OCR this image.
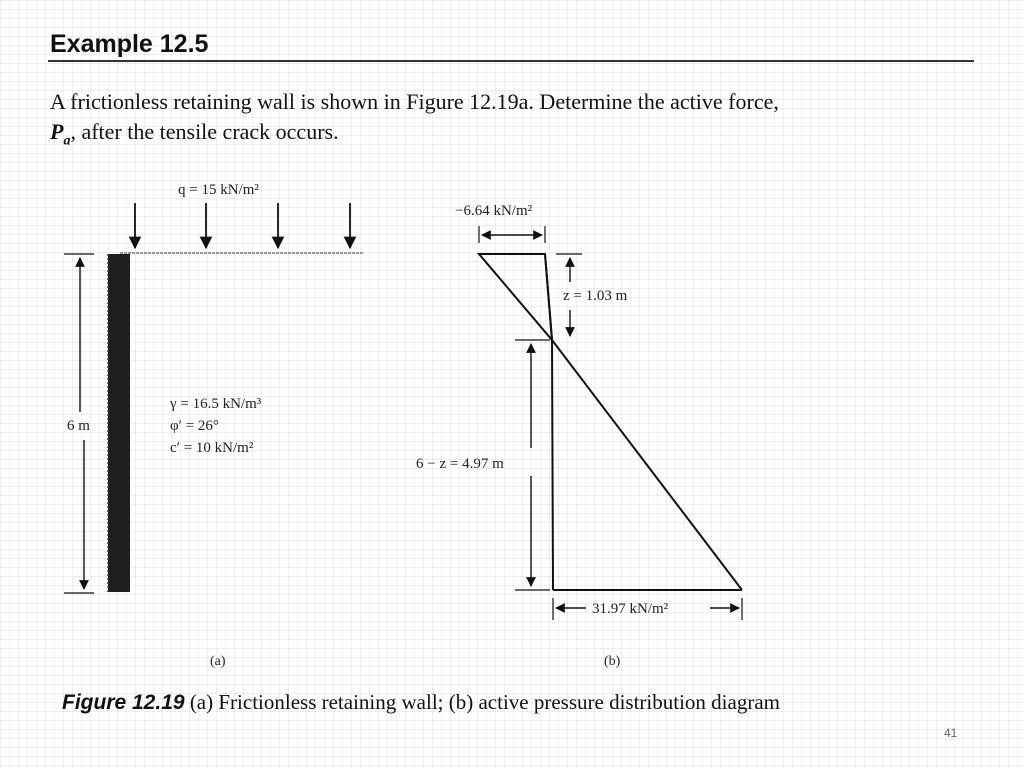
Example 12.5
A frictionless retaining wall is shown in Figure 12.19a. Determine the active force,
$P_a$, after the tensile crack occurs.
q = 15 kN/m²
6 m
γ = 16.5 kN/m³
φ′ = 26°
c′ = 10 kN/m²
(a)
−6.64 kN/m²
z = 1.03 m
6 − z = 4.97 m
31.97 kN/m²
(b)
Figure 12.19 (a) Frictionless retaining wall; (b) active pressure distribution diagram
41
